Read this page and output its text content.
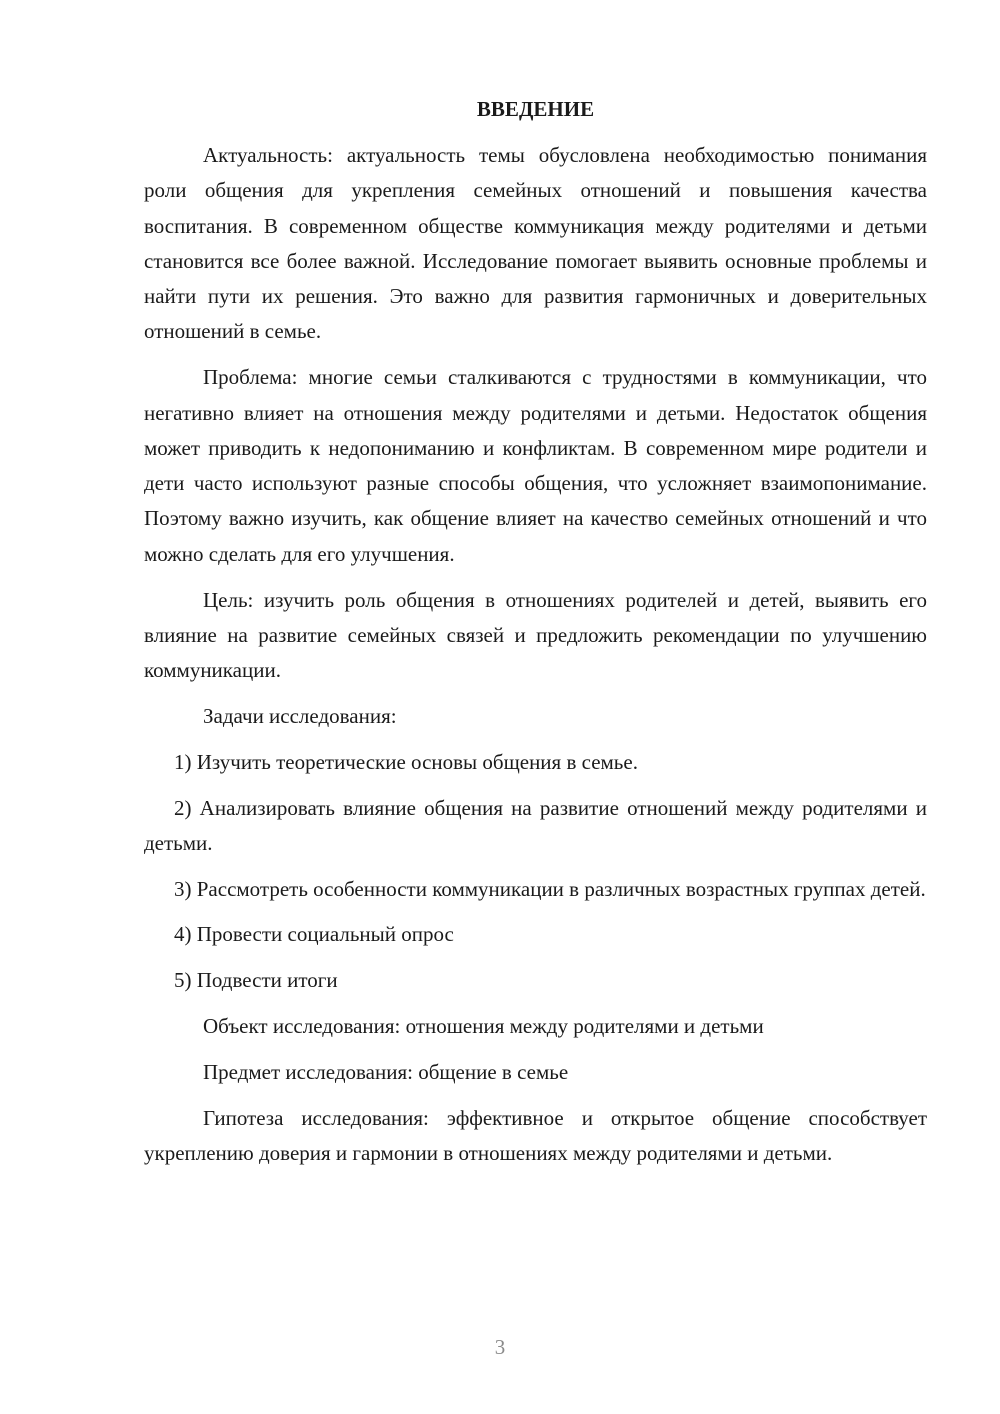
ВВЕДЕНИЕ

Актуальность: актуальность темы обусловлена необходимостью понимания роли общения для укрепления семейных отношений и повышения качества воспитания. В современном обществе коммуникация между родителями и детьми становится все более важной. Исследование помогает выявить основные проблемы и найти пути их решения. Это важно для развития гармоничных и доверительных отношений в семье.

Проблема: многие семьи сталкиваются с трудностями в коммуникации, что негативно влияет на отношения между родителями и детьми. Недостаток общения может приводить к недопониманию и конфликтам. В современном мире родители и дети часто используют разные способы общения, что усложняет взаимопонимание. Поэтому важно изучить, как общение влияет на качество семейных отношений и что можно сделать для его улучшения.

Цель: изучить роль общения в отношениях родителей и детей, выявить его влияние на развитие семейных связей и предложить рекомендации по улучшению коммуникации.

Задачи исследования:

1) Изучить теоретические основы общения в семье.

2) Анализировать влияние общения на развитие отношений между родителями и детьми.

3) Рассмотреть особенности коммуникации в различных возрастных группах детей.

4) Провести социальный опрос

5) Подвести итоги

Объект исследования: отношения между родителями и детьми

Предмет исследования: общение в семье

Гипотеза исследования: эффективное и открытое общение способствует укреплению доверия и гармонии в отношениях между родителями и детьми.

3
